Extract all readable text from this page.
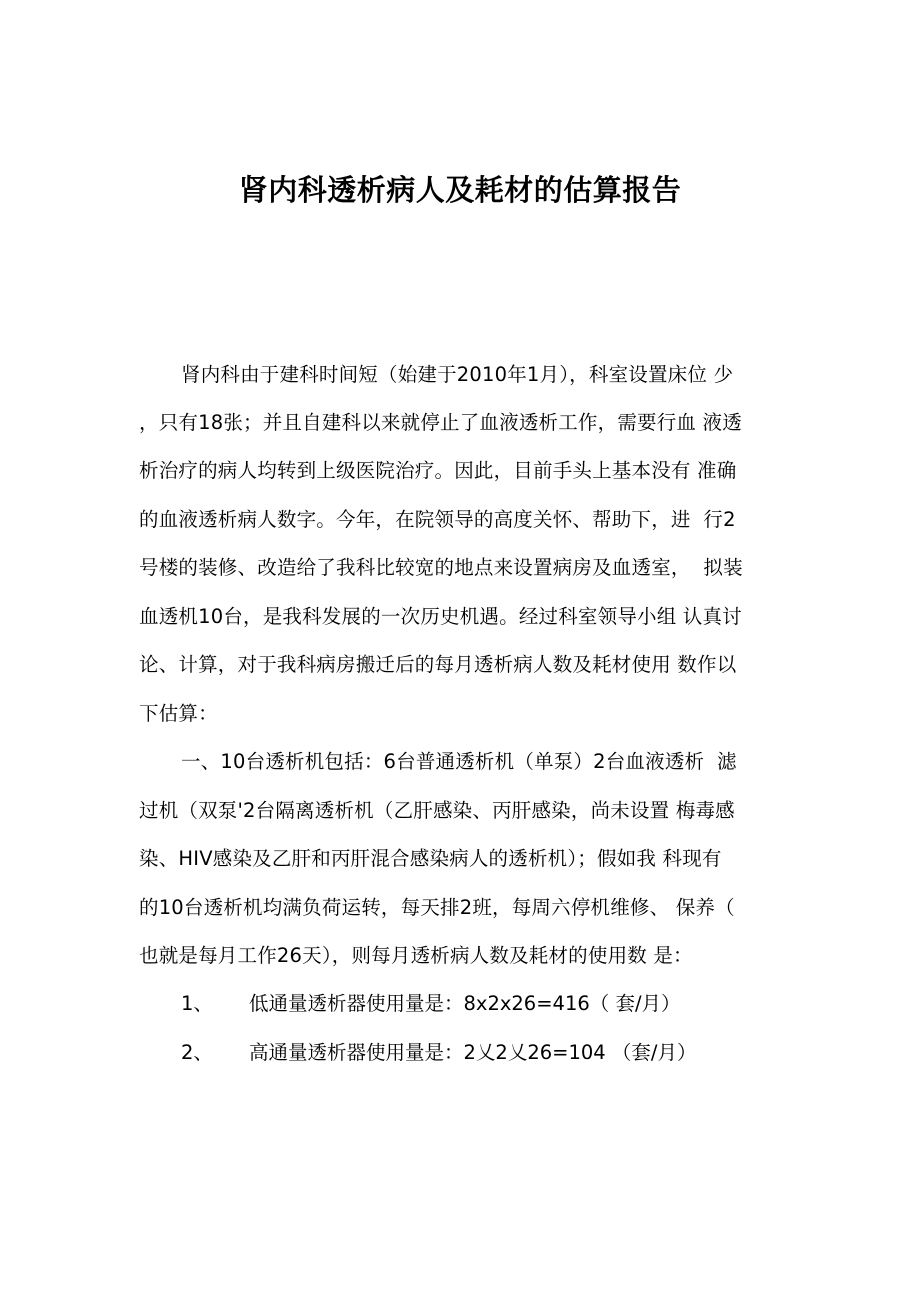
肾内科透析病人及耗材的估算报告
肾内科由于建科时间短（始建于2010年1月），科室设置床位 少
，只有18张；并且自建科以来就停止了血液透析工作，需要行血 液透
析治疗的病人均转到上级医院治疗。因此，目前手头上基本没有 准确
的血液透析病人数字。今年，在院领导的高度关怀、帮助下，进  行2
号楼的装修、改造给了我科比较宽的地点来设置病房及血透室，  拟装
血透机10台，是我科发展的一次历史机遇。经过科室领导小组 认真讨
论、计算，对于我科病房搬迁后的每月透析病人数及耗材使用 数作以
下估算：
一、10台透析机包括：6台普通透析机（单泵）2台血液透析  滤
过机（双泵'2台隔离透析机（乙肝感染、丙肝感染，尚未设置 梅毒感
染、HIV感染及乙肝和丙肝混合感染病人的透析机）；假如我 科现有
的10台透析机均满负荷运转，每天排2班，每周六停机维修、 保养（
也就是每月工作26天），则每月透析病人数及耗材的使用数 是：
1、 低通量透析器使用量是：8x2x26=416（ 套/月）
2、 高通量透析器使用量是：2乂2乂26=104 （套/月）
